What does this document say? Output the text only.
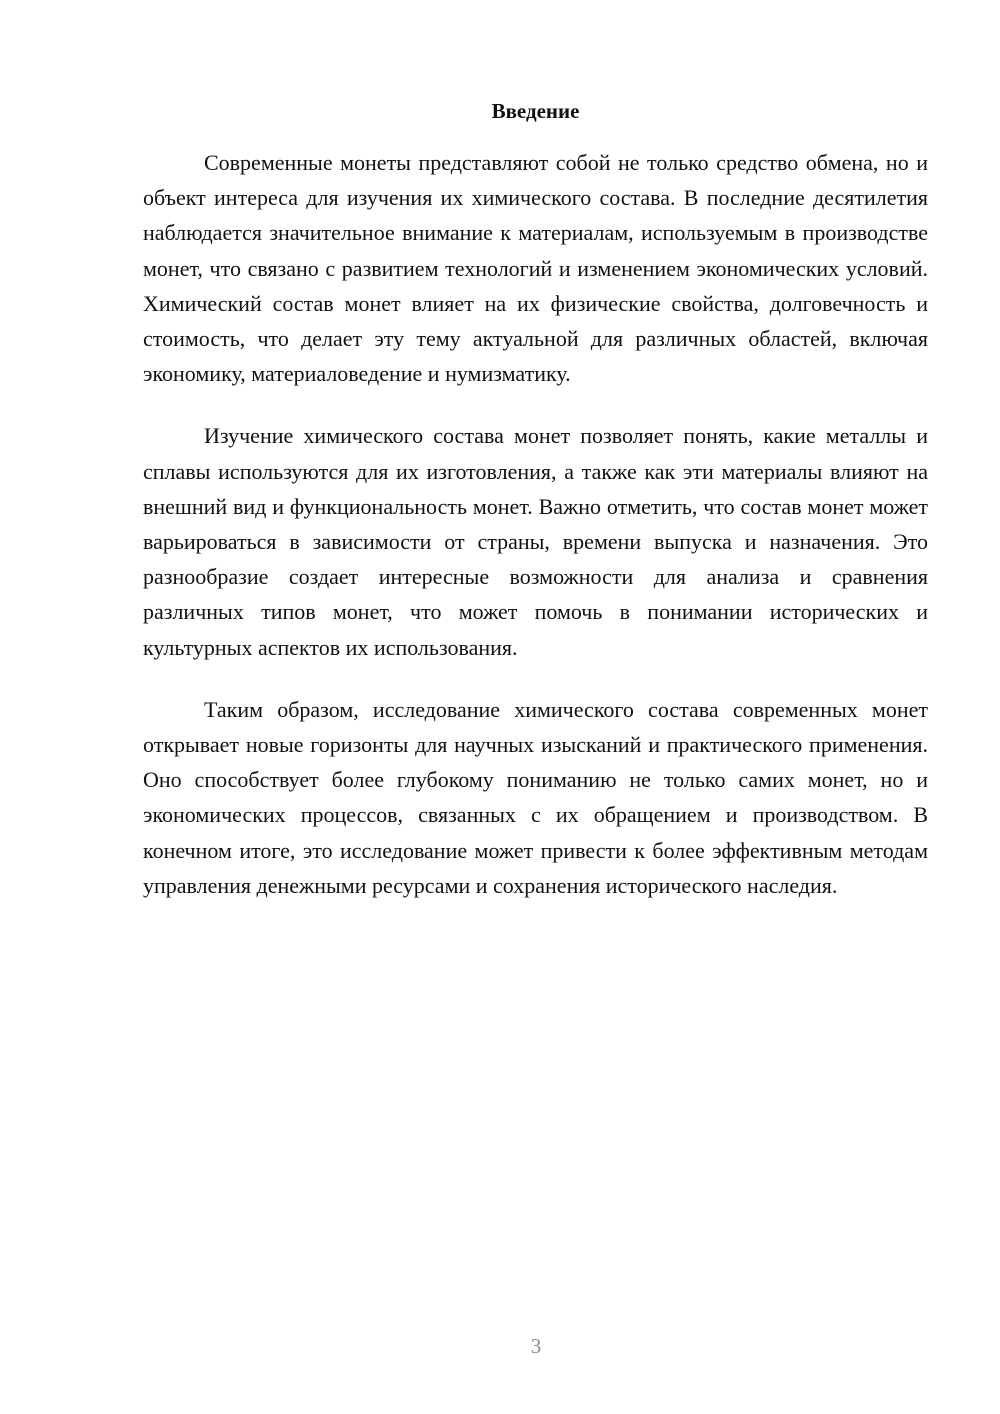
Введение

Современные монеты представляют собой не только средство обмена, но и объект интереса для изучения их химического состава. В последние десятилетия наблюдается значительное внимание к материалам, используемым в производстве монет, что связано с развитием технологий и изменением экономических условий. Химический состав монет влияет на их физические свойства, долговечность и стоимость, что делает эту тему актуальной для различных областей, включая экономику, материаловедение и нумизматику.

Изучение химического состава монет позволяет понять, какие металлы и сплавы используются для их изготовления, а также как эти материалы влияют на внешний вид и функциональность монет. Важно отметить, что состав монет может варьироваться в зависимости от страны, времени выпуска и назначения. Это разнообразие создает интересные возможности для анализа и сравнения различных типов монет, что может помочь в понимании исторических и культурных аспектов их использования.

Таким образом, исследование химического состава современных монет открывает новые горизонты для научных изысканий и практического применения. Оно способствует более глубокому пониманию не только самих монет, но и экономических процессов, связанных с их обращением и производством. В конечном итоге, это исследование может привести к более эффективным методам управления денежными ресурсами и сохранения исторического наследия.

3
